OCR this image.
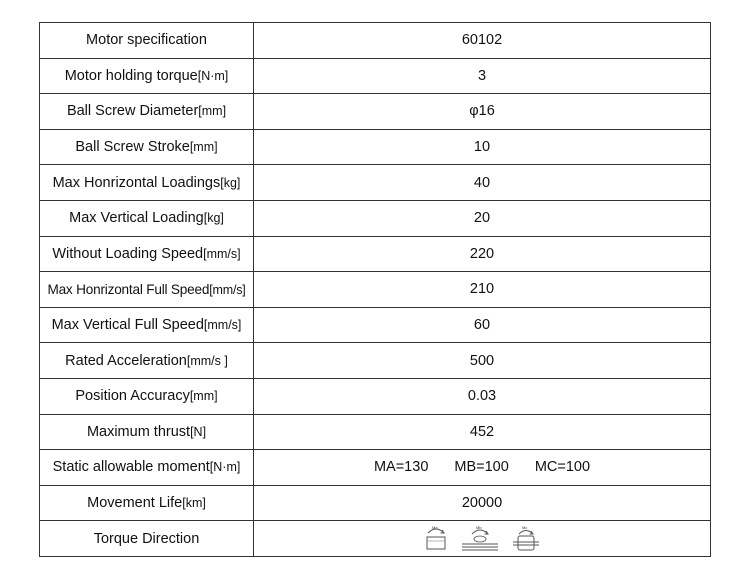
Motor specification	60102
Motor holding torque[N·m]	3
Ball Screw Diameter[mm]	φ16
Ball Screw Stroke[mm]	10
Max Honrizontal Loadings[kg]	40
Max Vertical Loading[kg]	20
Without Loading Speed[mm/s]	220
Max Honrizontal Full Speed[mm/s]	210
Max Vertical Full Speed[mm/s]	60
Rated Acceleration[mm/s ]	500
Position Accuracy[mm]	0.03
Maximum thrust[N]	452
Static allowable moment[N·m]	MA=130 MB=100 MC=100

Movement Life[km]	20000
Torque Direction	Ma Mb Mc
